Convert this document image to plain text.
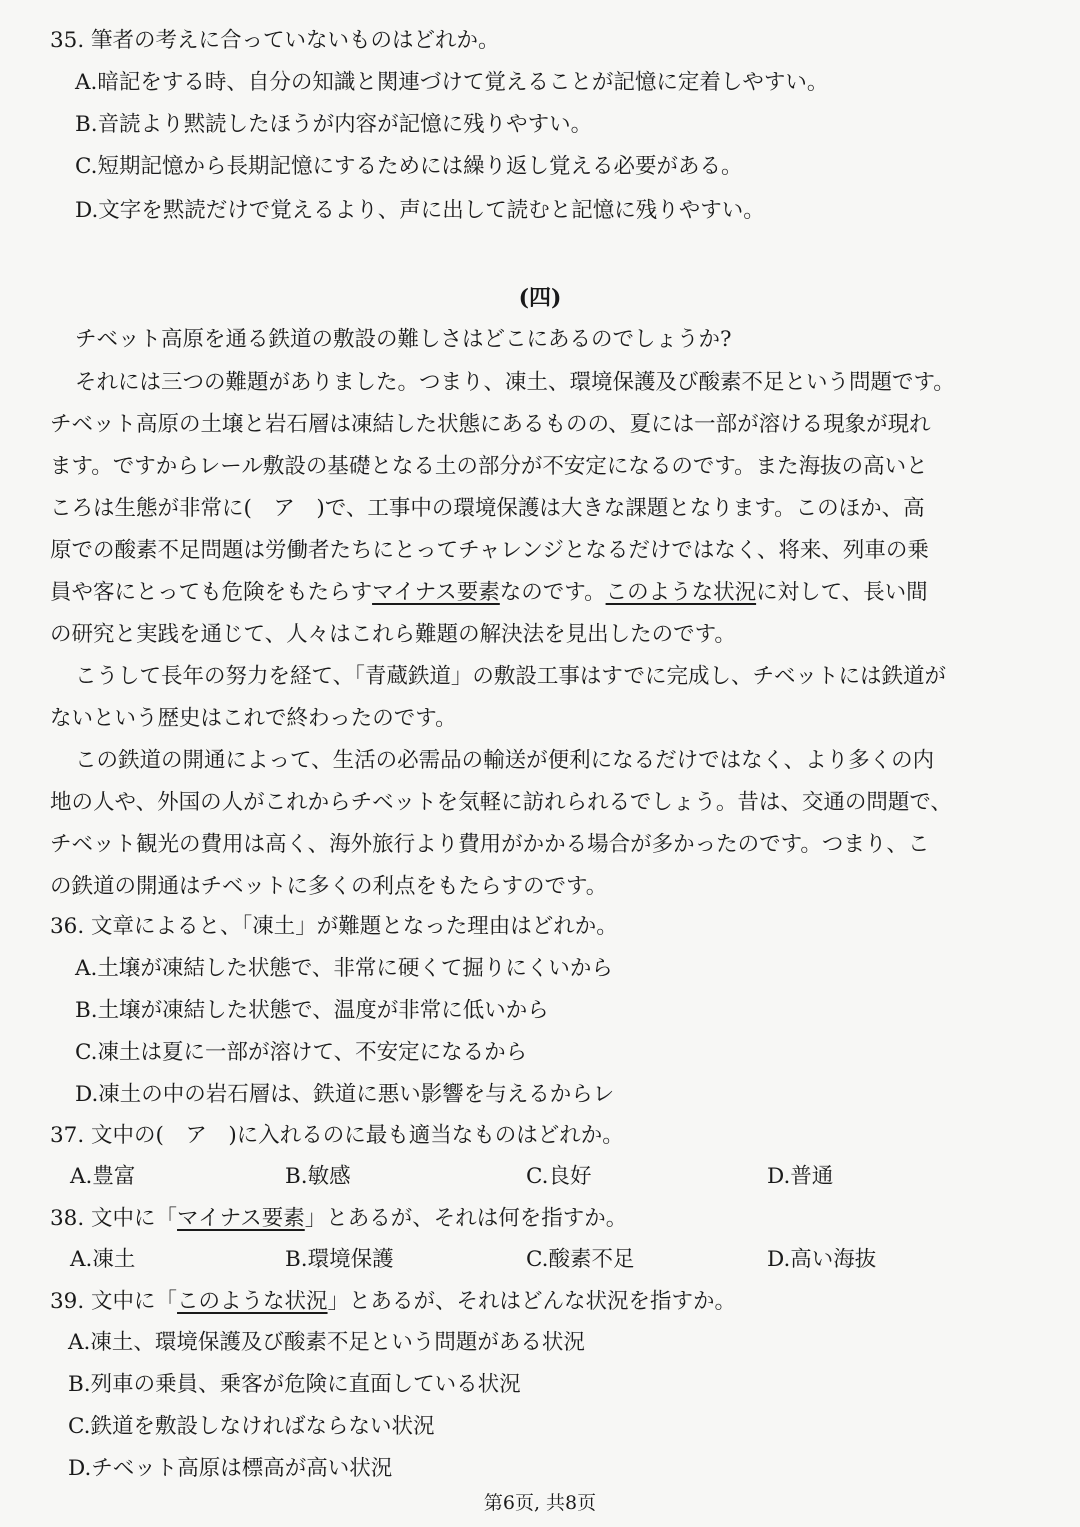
35. 筆者の考えに合っていないものはどれか。
A.暗記をする時、自分の知識と関連づけて覚えることが記憶に定着しやすい。
B.音読より黙読したほうが内容が記憶に残りやすい。
C.短期記憶から長期記憶にするためには繰り返し覚える必要がある。
D.文字を黙読だけで覚えるより、声に出して読むと記憶に残りやすい。
(四)
チベット高原を通る鉄道の敷設の難しさはどこにあるのでしょうか?
それには三つの難題がありました。つまり、凍土、環境保護及び酸素不足という問題です。
チベット高原の土壌と岩石層は凍結した状態にあるものの、夏には一部が溶ける現象が現れ
ます。ですからレール敷設の基礎となる土の部分が不安定になるのです。また海抜の高いと
ころは生態が非常に(　ア　)で、工事中の環境保護は大きな課題となります。このほか、高
原での酸素不足問題は労働者たちにとってチャレンジとなるだけではなく、将来、列車の乗
員や客にとっても危険をもたらすマイナス要素なのです。このような状況に対して、長い間
の研究と実践を通じて、人々はこれら難題の解決法を見出したのです。
こうして長年の努力を経て、「青蔵鉄道」の敷設工事はすでに完成し、チベットには鉄道が
ないという歴史はこれで終わったのです。
この鉄道の開通によって、生活の必需品の輸送が便利になるだけではなく、より多くの内
地の人や、外国の人がこれからチベットを気軽に訪れられるでしょう。昔は、交通の問題で、
チベット観光の費用は高く、海外旅行より費用がかかる場合が多かったのです。つまり、こ
の鉄道の開通はチベットに多くの利点をもたらすのです。
36. 文章によると、「凍土」が難題となった理由はどれか。
A.土壌が凍結した状態で、非常に硬くて掘りにくいから
B.土壌が凍結した状態で、温度が非常に低いから
C.凍土は夏に一部が溶けて、不安定になるから
D.凍土の中の岩石層は、鉄道に悪い影響を与えるからレ
37. 文中の(　ア　)に入れるのに最も適当なものはどれか。
A.豊富	B.敏感	C.良好	D.普通
38. 文中に「マイナス要素」とあるが、それは何を指すか。
A.凍土	B.環境保護	C.酸素不足	D.高い海抜
39. 文中に「このような状況」とあるが、それはどんな状況を指すか。
A.凍土、環境保護及び酸素不足という問題がある状況
B.列車の乗員、乗客が危険に直面している状況
C.鉄道を敷設しなければならない状況
D.チベット高原は標高が高い状況
第6页, 共8页
